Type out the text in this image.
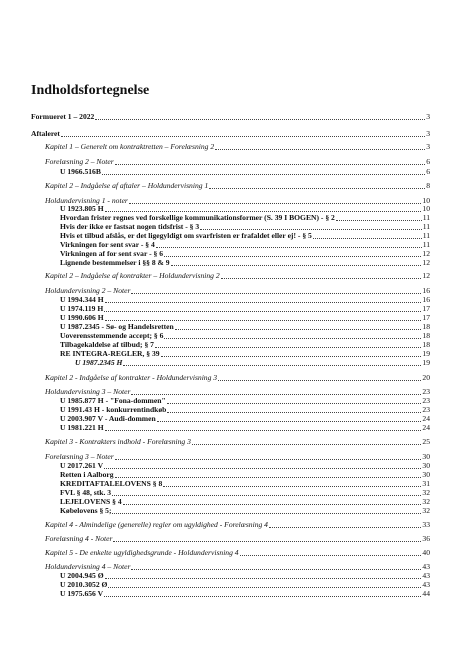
Indholdsfortegnelse
Formueret 1 – 2022	3
Aftaleret	3
Kapitel 1 – Generelt om kontraktretten – Forelæsning 2	3
Forelæsning 2 – Noter	6
U 1966.516B	6
Kapitel 2 – Indgåelse af aftaler – Holdundervisning 1	8
Holdundervisning 1 - noter	10
U 1923.805 H	10
Hvordan frister regnes ved forskellige kommunikationsformer (S. 39 I BOGEN) - § 2	11
Hvis der ikke er fastsat nogen tidsfrist - § 3	11
Hvis et tilbud afslås, er det ligegyldigt om svarfristen er frafaldet eller ej! - § 5	11
Virkningen for sent svar - § 4	11
Virkningen af for sent svar - § 6	12
Lignende bestemmelser i §§ 8 & 9	12
Kapitel 2 – Indgåelse af kontrakter – Holdundervisning 2	12
Holdundervisning 2 – Noter	16
U 1994.344 H	16
U 1974.119 H	17
U 1990.606 H	17
U 1987.2345 - Sø- og Handelsretten	18
Uoverensstemmende accept; § 6	18
Tilbagekaldelse af tilbud; § 7	18
RE INTEGRA-REGLER, § 39	19
U 1987.2345 H	19
Kapitel 2 - Indgåelse af kontrakter - Holdundervisning 3	20
Holdundervisning 3 – Noter	23
U 1985.877 H - "Fona-dommen"	23
U 1991.43 H - konkurrentindkøb	23
U 2003.907 V - Audi-dommen	24
U 1981.221 H	24
Kapitel 3 - Kontrakters indhold - Forelæsning 3	25
Forelæsning 3 – Noter	30
U 2017.261 V	30
Retten i Aalborg	30
KREDITAFTALELOVENS § 8	31
FVL § 48, stk. 3	32
LEJELOVENS § 4	32
Købelovens § 5;	32
Kapitel 4 - Almindelige (generelle) regler om ugyldighed - Forelæsning 4	33
Forelæsning 4 - Noter	36
Kapitel 5 - De enkelte ugyldighedsgrunde - Holdundervisning 4	40
Holdundervisning 4 – Noter	43
U 2004.945 Ø	43
U 2010.3052 Ø	43
U 1975.656 V	44
